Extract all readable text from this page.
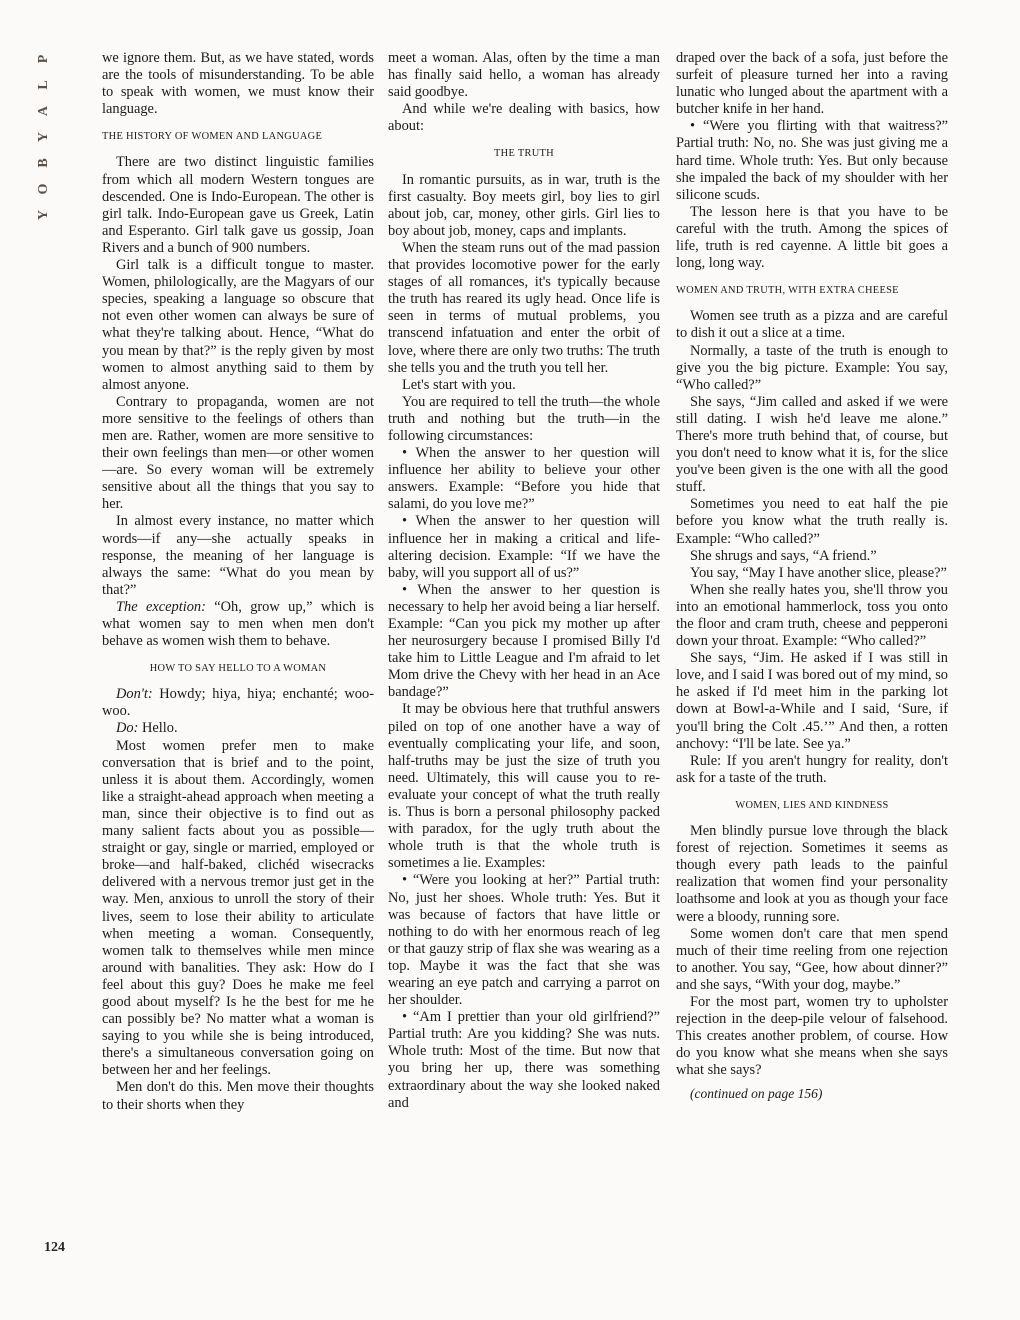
P
L
A
Y
B
O
Y

we ignore them. But, as we have stated, words are the tools of misunderstanding. To be able to speak with women, we must know their language.

THE HISTORY OF WOMEN AND LANGUAGE

There are two distinct linguistic families from which all modern Western tongues are descended. One is Indo-European. The other is girl talk. Indo-European gave us Greek, Latin and Esperanto. Girl talk gave us gossip, Joan Rivers and a bunch of 900 numbers.

Girl talk is a difficult tongue to master. Women, philologically, are the Magyars of our species, speaking a language so obscure that not even other women can always be sure of what they're talking about. Hence, “What do you mean by that?” is the reply given by most women to almost anything said to them by almost anyone.

Contrary to propaganda, women are not more sensitive to the feelings of others than men are. Rather, women are more sensitive to their own feelings than men—or other women—are. So every woman will be extremely sensitive about all the things that you say to her.

In almost every instance, no matter which words—if any—she actually speaks in response, the meaning of her language is always the same: “What do you mean by that?”

The exception: “Oh, grow up,” which is what women say to men when men don't behave as women wish them to behave.

HOW TO SAY HELLO TO A WOMAN

Don't: Howdy; hiya, hiya; enchanté; woo-woo.

Do: Hello.

Most women prefer men to make conversation that is brief and to the point, unless it is about them. Accordingly, women like a straight-ahead approach when meeting a man, since their objective is to find out as many salient facts about you as possible—straight or gay, single or married, employed or broke—and half-baked, clichéd wisecracks delivered with a nervous tremor just get in the way. Men, anxious to unroll the story of their lives, seem to lose their ability to articulate when meeting a woman. Consequently, women talk to themselves while men mince around with banalities. They ask: How do I feel about this guy? Does he make me feel good about myself? Is he the best for me he can possibly be? No matter what a woman is saying to you while she is being introduced, there's a simultaneous conversation going on between her and her feelings.

Men don't do this. Men move their thoughts to their shorts when they

meet a woman. Alas, often by the time a man has finally said hello, a woman has already said goodbye.

And while we're dealing with basics, how about:

THE TRUTH

In romantic pursuits, as in war, truth is the first casualty. Boy meets girl, boy lies to girl about job, car, money, other girls. Girl lies to boy about job, money, caps and implants.

When the steam runs out of the mad passion that provides locomotive power for the early stages of all romances, it's typically because the truth has reared its ugly head. Once life is seen in terms of mutual problems, you transcend infatuation and enter the orbit of love, where there are only two truths: The truth she tells you and the truth you tell her.

Let's start with you.

You are required to tell the truth—the whole truth and nothing but the truth—in the following circumstances:

• When the answer to her question will influence her ability to believe your other answers. Example: “Before you hide that salami, do you love me?”

• When the answer to her question will influence her in making a critical and life-altering decision. Example: “If we have the baby, will you support all of us?”

• When the answer to her question is necessary to help her avoid being a liar herself. Example: “Can you pick my mother up after her neurosurgery because I promised Billy I'd take him to Little League and I'm afraid to let Mom drive the Chevy with her head in an Ace bandage?”

It may be obvious here that truthful answers piled on top of one another have a way of eventually complicating your life, and soon, half-truths may be just the size of truth you need. Ultimately, this will cause you to re-evaluate your concept of what the truth really is. Thus is born a personal philosophy packed with paradox, for the ugly truth about the whole truth is that the whole truth is sometimes a lie. Examples:

• “Were you looking at her?” Partial truth: No, just her shoes. Whole truth: Yes. But it was because of factors that have little or nothing to do with her enormous reach of leg or that gauzy strip of flax she was wearing as a top. Maybe it was the fact that she was wearing an eye patch and carrying a parrot on her shoulder.

• “Am I prettier than your old girlfriend?” Partial truth: Are you kidding? She was nuts. Whole truth: Most of the time. But now that you bring her up, there was something extraordinary about the way she looked naked and

draped over the back of a sofa, just before the surfeit of pleasure turned her into a raving lunatic who lunged about the apartment with a butcher knife in her hand.

• “Were you flirting with that waitress?” Partial truth: No, no. She was just giving me a hard time. Whole truth: Yes. But only because she impaled the back of my shoulder with her silicone scuds.

The lesson here is that you have to be careful with the truth. Among the spices of life, truth is red cayenne. A little bit goes a long, long way.

WOMEN AND TRUTH, WITH EXTRA CHEESE

Women see truth as a pizza and are careful to dish it out a slice at a time.

Normally, a taste of the truth is enough to give you the big picture. Example: You say, “Who called?”

She says, “Jim called and asked if we were still dating. I wish he'd leave me alone.” There's more truth behind that, of course, but you don't need to know what it is, for the slice you've been given is the one with all the good stuff.

Sometimes you need to eat half the pie before you know what the truth really is. Example: “Who called?”

She shrugs and says, “A friend.”

You say, “May I have another slice, please?”

When she really hates you, she'll throw you into an emotional hammerlock, toss you onto the floor and cram truth, cheese and pepperoni down your throat. Example: “Who called?”

She says, “Jim. He asked if I was still in love, and I said I was bored out of my mind, so he asked if I'd meet him in the parking lot down at Bowl-a-While and I said, ‘Sure, if you'll bring the Colt .45.’” And then, a rotten anchovy: “I'll be late. See ya.”

Rule: If you aren't hungry for reality, don't ask for a taste of the truth.

WOMEN, LIES AND KINDNESS

Men blindly pursue love through the black forest of rejection. Sometimes it seems as though every path leads to the painful realization that women find your personality loathsome and look at you as though your face were a bloody, running sore.

Some women don't care that men spend much of their time reeling from one rejection to another. You say, “Gee, how about dinner?” and she says, “With your dog, maybe.”

For the most part, women try to upholster rejection in the deep-pile velour of falsehood. This creates another problem, of course. How do you know what she means when she says what she says?

(continued on page 156)

124
